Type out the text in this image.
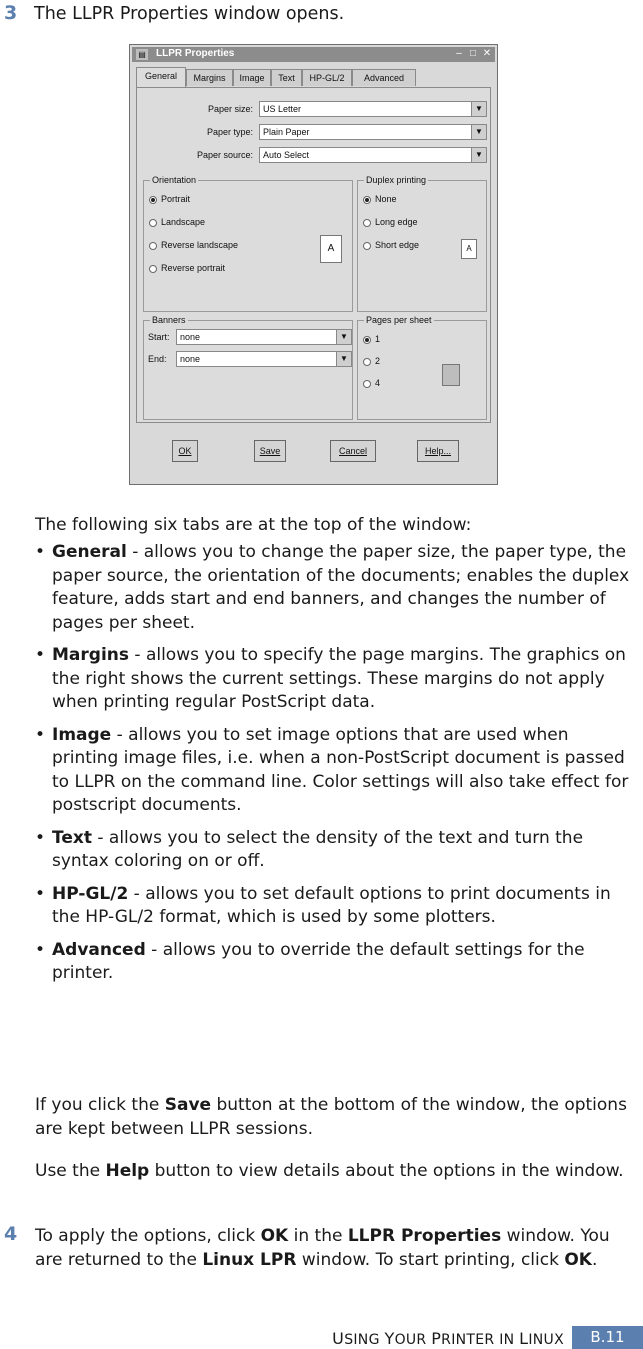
3 The LLPR Properties window opens.
▤ LLPR Properties	– □ ✕
General	Margins	Image	Text	HP-GL/2	Advanced
Paper size:	US Letter	▼
Paper type:	Plain Paper	▼
Paper source:	Auto Select	▼
Orientation
Portrait
Landscape
Reverse landscape
Reverse portrait
A
Duplex printing
None
Long edge
Short edge	A
Banners
Start:	none	▼
End:	none	▼
Pages per sheet
1
2
4
OK	Save	Cancel	Help...
The following six tabs are at the top of the window:
• General - allows you to change the paper size, the paper type, the paper source, the orientation of the documents; enables the duplex feature, adds start and end banners, and changes the number of pages per sheet.
• Margins - allows you to specify the page margins. The graphics on the right shows the current settings. These margins do not apply when printing regular PostScript data.
• Image - allows you to set image options that are used when printing image files, i.e. when a non-PostScript document is passed to LLPR on the command line. Color settings will also take effect for postscript documents.
• Text - allows you to select the density of the text and turn the syntax coloring on or off.
• HP-GL/2 - allows you to set default options to print documents in the HP-GL/2 format, which is used by some plotters.
• Advanced - allows you to override the default settings for the printer.
If you click the Save button at the bottom of the window, the options are kept between LLPR sessions.
Use the Help button to view details about the options in the window.
4 To apply the options, click OK in the LLPR Properties window. You are returned to the Linux LPR window. To start printing, click OK.
USING YOUR PRINTER IN LINUX	B.11
